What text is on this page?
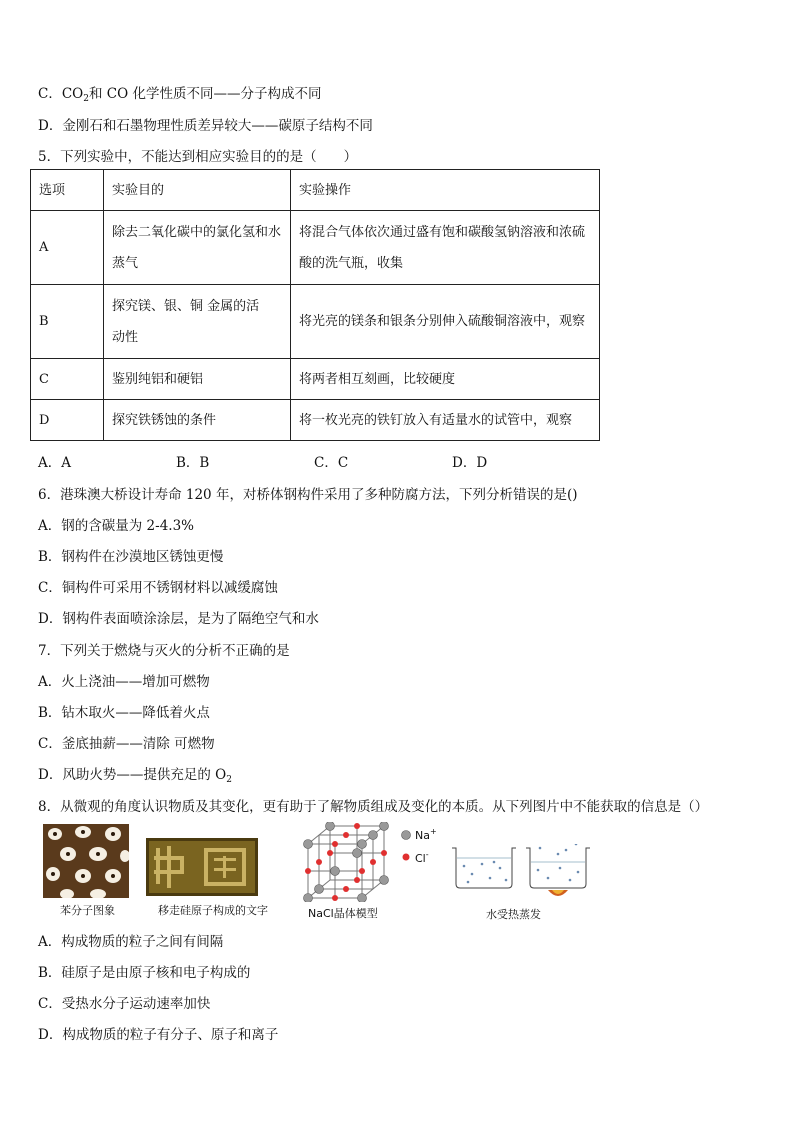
C．$CO_2$和 CO 化学性质不同——分子构成不同
D．金刚石和石墨物理性质差异较大——碳原子结构不同
5．下列实验中，不能达到相应实验目的的是（　　）
选项	实验目的	实验操作
A	除去二氧化碳中的氯化氢和水蒸气	将混合气体依次通过盛有饱和碳酸氢钠溶液和浓硫酸的洗气瓶，收集

B	探究镁、银、铜 金属的活动性	将光亮的镁条和银条分别伸入硫酸铜溶液中，观察

C	鉴别纯铝和硬铝	将两者相互刻画，比较硬度
D	探究铁锈蚀的条件	将一枚光亮的铁钉放入有适量水的试管中，观察
A．A	B．B	C．C	D．D
6．港珠澳大桥设计寿命 120 年，对桥体钢构件采用了多种防腐方法，下列分析错误的是()
A．钢的含碳量为 2-4.3%
B．钢构件在沙漠地区锈蚀更慢
C．铜构件可采用不锈钢材料以减缓腐蚀
D．钢构件表面喷涂涂层，是为了隔绝空气和水
7．下列关于燃烧与灭火的分析不正确的是
A．火上浇油——增加可燃物
B．钻木取火——降低着火点
C．釜底抽薪——清除 可燃物
D．风助火势——提供充足的 $O_2$
8．从微观的角度认识物质及其变化，更有助于了解物质组成及变化的本质。从下列图片中不能获取的信息是（）
苯分子图象	移走硅原子构成的文字
Na+
Cl-
NaCl晶体模型	水受热蒸发
A．构成物质的粒子之间有间隔
B．硅原子是由原子核和电子构成的
C．受热水分子运动速率加快
D．构成物质的粒子有分子、原子和离子
